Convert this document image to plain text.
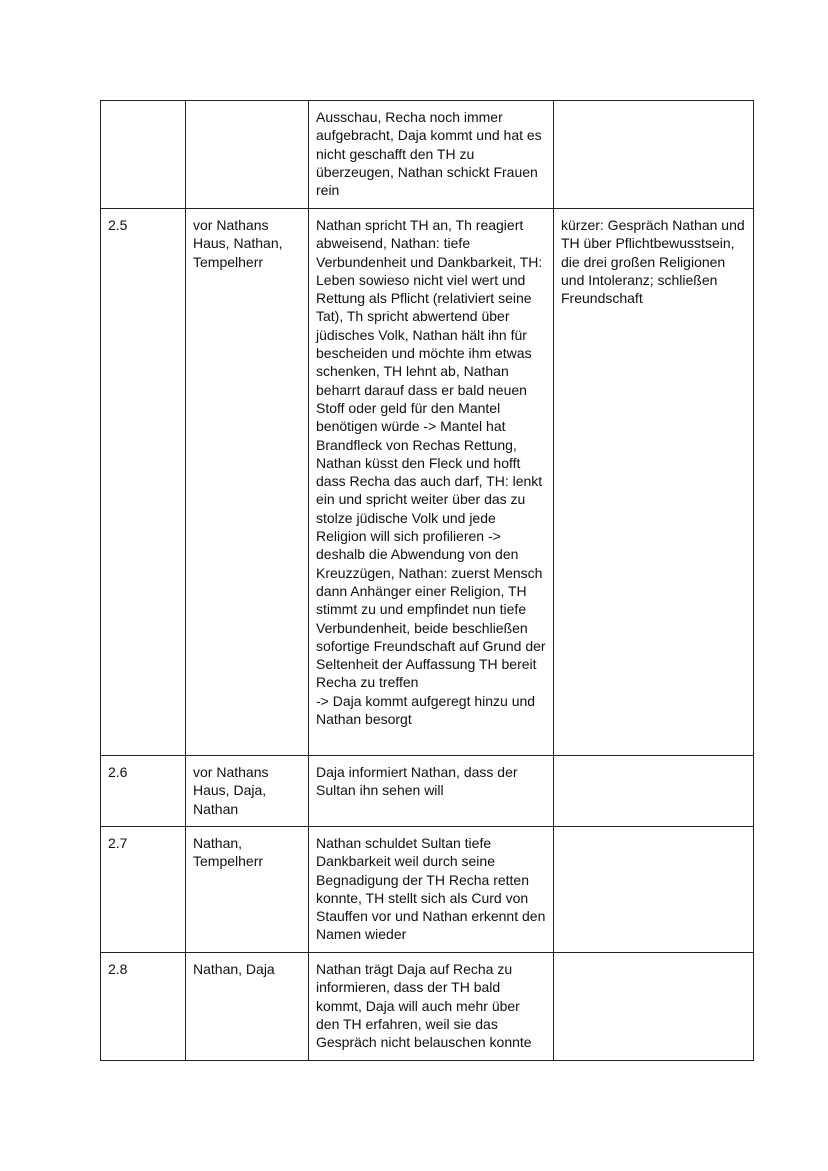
		Ausschau, Recha noch immer aufgebracht, Daja kommt und hat es nicht geschafft den TH zu überzeugen, Nathan schickt Frauen rein	
2.5	vor Nathans Haus, Nathan, Tempelherr	Nathan spricht TH an, Th reagiert abweisend, Nathan: tiefe Verbundenheit und Dankbarkeit, TH: Leben sowieso nicht viel wert und Rettung als Pflicht (relativiert seine Tat), Th spricht abwertend über jüdisches Volk, Nathan hält ihn für bescheiden und möchte ihm etwas schenken, TH lehnt ab, Nathan beharrt darauf dass er bald neuen Stoff oder geld für den Mantel benötigen würde -> Mantel hat Brandfleck von Rechas Rettung, Nathan küsst den Fleck und hofft dass Recha das auch darf, TH: lenkt ein und spricht weiter über das zu stolze jüdische Volk und jede Religion will sich profilieren -> deshalb die Abwendung von den Kreuzzügen, Nathan: zuerst Mensch dann Anhänger einer Religion, TH stimmt zu und empfindet nun tiefe Verbundenheit, beide beschließen sofortige Freundschaft auf Grund der Seltenheit der Auffassung TH bereit Recha zu treffen
-> Daja kommt aufgeregt hinzu und Nathan besorgt	kürzer: Gespräch Nathan und TH über Pflichtbewusstsein, die drei großen Religionen und Intoleranz; schließen Freundschaft
2.6	vor Nathans Haus, Daja, Nathan	Daja informiert Nathan, dass der Sultan ihn sehen will	
2.7	Nathan, Tempelherr	Nathan schuldet Sultan tiefe Dankbarkeit weil durch seine Begnadigung der TH Recha retten konnte, TH stellt sich als Curd von Stauffen vor und Nathan erkennt den Namen wieder	
2.8	Nathan, Daja	Nathan trägt Daja auf Recha zu informieren, dass der TH bald kommt, Daja will auch mehr über den TH erfahren, weil sie das Gespräch nicht belauschen konnte	
